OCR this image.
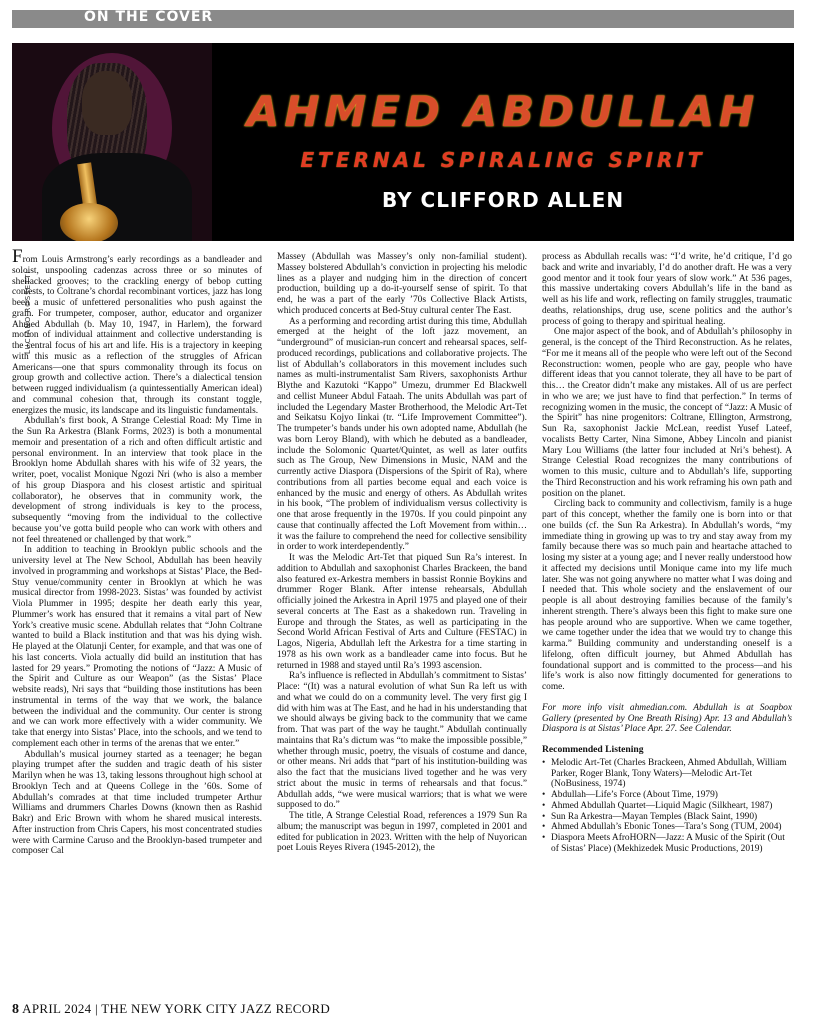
ON THE COVER
AHMED ABDULLAH
ETERNAL SPIRALING SPIRIT
BY CLIFFORD ALLEN
LUCIANO ROSSETTI

From Louis Armstrong’s early recordings as a bandleader and soloist, unspooling cadenzas across three or so minutes of shellacked grooves; to the crackling energy of bebop cutting contests, to Coltrane’s chordal recombinant vortices, jazz has long been a music of unfettered personalities who push against the grain. For trumpeter, composer, author, educator and organizer Ahmed Abdullah (b. May 10, 1947, in Harlem), the forward motion of individual attainment and collective understanding is the central focus of his art and life. His is a trajectory in keeping with this music as a reflection of the struggles of African Americans—one that spurs commonality through its focus on group growth and collective action. There’s a dialectical tension between rugged individualism (a quintessentially American ideal) and communal cohesion that, through its constant toggle, energizes the music, its landscape and its linguistic fundamentals.

Abdullah’s first book, A Strange Celestial Road: My Time in the Sun Ra Arkestra (Blank Forms, 2023) is both a monumental memoir and presentation of a rich and often difficult artistic and personal environment. In an interview that took place in the Brooklyn home Abdullah shares with his wife of 32 years, the writer, poet, vocalist Monique Ngozi Nri (who is also a member of his group Diaspora and his closest artistic and spiritual collaborator), he observes that in community work, the development of strong individuals is key to the process, subsequently “moving from the individual to the collective because you’ve gotta build people who can work with others and not feel threatened or challenged by that work.”

In addition to teaching in Brooklyn public schools and the university level at The New School, Abdullah has been heavily involved in programming and workshops at Sistas’ Place, the Bed-Stuy venue/community center in Brooklyn at which he was musical director from 1998-2023. Sistas’ was founded by activist Viola Plummer in 1995; despite her death early this year, Plummer’s work has ensured that it remains a vital part of New York’s creative music scene. Abdullah relates that “John Coltrane wanted to build a Black institution and that was his dying wish. He played at the Olatunji Center, for example, and that was one of his last concerts. Viola actually did build an institution that has lasted for 29 years.” Promoting the notions of “Jazz: A Music of the Spirit and Culture as our Weapon” (as the Sistas’ Place website reads), Nri says that “building those institutions has been instrumental in terms of the way that we work, the balance between the individual and the community. Our center is strong and we can work more effectively with a wider community. We take that energy into Sistas’ Place, into the schools, and we tend to complement each other in terms of the arenas that we enter.”

Abdullah’s musical journey started as a teenager; he began playing trumpet after the sudden and tragic death of his sister Marilyn when he was 13, taking lessons throughout high school at Brooklyn Tech and at Queens College in the ’60s. Some of Abdullah’s comrades at that time included trumpeter Arthur Williams and drummers Charles Downs (known then as Rashid Bakr) and Eric Brown with whom he shared musical interests. After instruction from Chris Capers, his most concentrated studies were with Carmine Caruso and the Brooklyn-based trumpeter and composer Cal

Massey (Abdullah was Massey’s only non-familial student). Massey bolstered Abdullah’s conviction in projecting his melodic lines as a player and nudging him in the direction of concert production, building up a do-it-yourself sense of spirit. To that end, he was a part of the early ’70s Collective Black Artists, which produced concerts at Bed-Stuy cultural center The East.

As a performing and recording artist during this time, Abdullah emerged at the height of the loft jazz movement, an “underground” of musician-run concert and rehearsal spaces, self-produced recordings, publications and collaborative projects. The list of Abdullah’s collaborators in this movement includes such names as multi-instrumentalist Sam Rivers, saxophonists Arthur Blythe and Kazutoki “Kappo” Umezu, drummer Ed Blackwell and cellist Muneer Abdul Fataah. The units Abdullah was part of included the Legendary Master Brotherhood, the Melodic Art-Tet and Seikatsu Kojyo Iinkai (tr. “Life Improvement Committee”). The trumpeter’s bands under his own adopted name, Abdullah (he was born Leroy Bland), with which he debuted as a bandleader, include the Solomonic Quartet/Quintet, as well as later outfits such as The Group, New Dimensions in Music, NAM and the currently active Diaspora (Dispersions of the Spirit of Ra), where contributions from all parties become equal and each voice is enhanced by the music and energy of others. As Abdullah writes in his book, “The problem of individualism versus collectivity is one that arose frequently in the 1970s. If you could pinpoint any cause that continually affected the Loft Movement from within… it was the failure to comprehend the need for collective sensibility in order to work interdependently.”

It was the Melodic Art-Tet that piqued Sun Ra’s interest. In addition to Abdullah and saxophonist Charles Brackeen, the band also featured ex-Arkestra members in bassist Ronnie Boykins and drummer Roger Blank. After intense rehearsals, Abdullah officially joined the Arkestra in April 1975 and played one of their several concerts at The East as a shakedown run. Traveling in Europe and through the States, as well as participating in the Second World African Festival of Arts and Culture (FESTAC) in Lagos, Nigeria, Abdullah left the Arkestra for a time starting in 1978 as his own work as a bandleader came into focus. But he returned in 1988 and stayed until Ra’s 1993 ascension.

Ra’s influence is reflected in Abdullah’s commitment to Sistas’ Place: “(It) was a natural evolution of what Sun Ra left us with and what we could do on a community level. The very first gig I did with him was at The East, and he had in his understanding that we should always be giving back to the community that we came from. That was part of the way he taught.” Abdullah continually maintains that Ra’s dictum was “to make the impossible possible,” whether through music, poetry, the visuals of costume and dance, or other means. Nri adds that “part of his institution-building was also the fact that the musicians lived together and he was very strict about the music in terms of rehearsals and that focus.” Abdullah adds, “we were musical warriors; that is what we were supposed to do.”

The title, A Strange Celestial Road, references a 1979 Sun Ra album; the manuscript was begun in 1997, completed in 2001 and edited for publication in 2023. Written with the help of Nuyorican poet Louis Reyes Rivera (1945-2012), the

process as Abdullah recalls was: “I’d write, he’d critique, I’d go back and write and invariably, I’d do another draft. He was a very good mentor and it took four years of slow work.” At 536 pages, this massive undertaking covers Abdullah’s life in the band as well as his life and work, reflecting on family struggles, traumatic deaths, relationships, drug use, scene politics and the author’s process of going to therapy and spiritual healing.

One major aspect of the book, and of Abdullah’s philosophy in general, is the concept of the Third Reconstruction. As he relates, “For me it means all of the people who were left out of the Second Reconstruction: women, people who are gay, people who have different ideas that you cannot tolerate, they all have to be part of this… the Creator didn’t make any mistakes. All of us are perfect in who we are; we just have to find that perfection.” In terms of recognizing women in the music, the concept of “Jazz: A Music of the Spirit” has nine progenitors: Coltrane, Ellington, Armstrong, Sun Ra, saxophonist Jackie McLean, reedist Yusef Lateef, vocalists Betty Carter, Nina Simone, Abbey Lincoln and pianist Mary Lou Williams (the latter four included at Nri’s behest). A Strange Celestial Road recognizes the many contributions of women to this music, culture and to Abdullah’s life, supporting the Third Reconstruction and his work reframing his own path and position on the planet.

Circling back to community and collectivism, family is a huge part of this concept, whether the family one is born into or that one builds (cf. the Sun Ra Arkestra). In Abdullah’s words, “my immediate thing in growing up was to try and stay away from my family because there was so much pain and heartache attached to losing my sister at a young age; and I never really understood how it affected my decisions until Monique came into my life much later. She was not going anywhere no matter what I was doing and I needed that. This whole society and the enslavement of our people is all about destroying families because of the family’s inherent strength. There’s always been this fight to make sure one has people around who are supportive. When we came together, we came together under the idea that we would try to change this karma.” Building community and understanding oneself is a lifelong, often difficult journey, but Ahmed Abdullah has foundational support and is committed to the process—and his life’s work is also now fittingly documented for generations to come.

For more info visit ahmedian.com. Abdullah is at Soapbox Gallery (presented by One Breath Rising) Apr. 13 and Abdullah’s Diaspora is at Sistas’ Place Apr. 27. See Calendar.

Recommended Listening
• Melodic Art-Tet (Charles Brackeen, Ahmed Abdullah, William Parker, Roger Blank, Tony Waters)—Melodic Art-Tet (NoBusiness, 1974)
• Abdullah—Life’s Force (About Time, 1979)
• Ahmed Abdullah Quartet—Liquid Magic (Silkheart, 1987)
• Sun Ra Arkestra—Mayan Temples (Black Saint, 1990)
• Ahmed Abdullah’s Ebonic Tones—Tara’s Song (TUM, 2004)
• Diaspora Meets AfroHORN—Jazz: A Music of the Spirit (Out of Sistas’ Place) (Mekhizedek Music Productions, 2019)
8 APRIL 2024 | THE NEW YORK CITY JAZZ RECORD
